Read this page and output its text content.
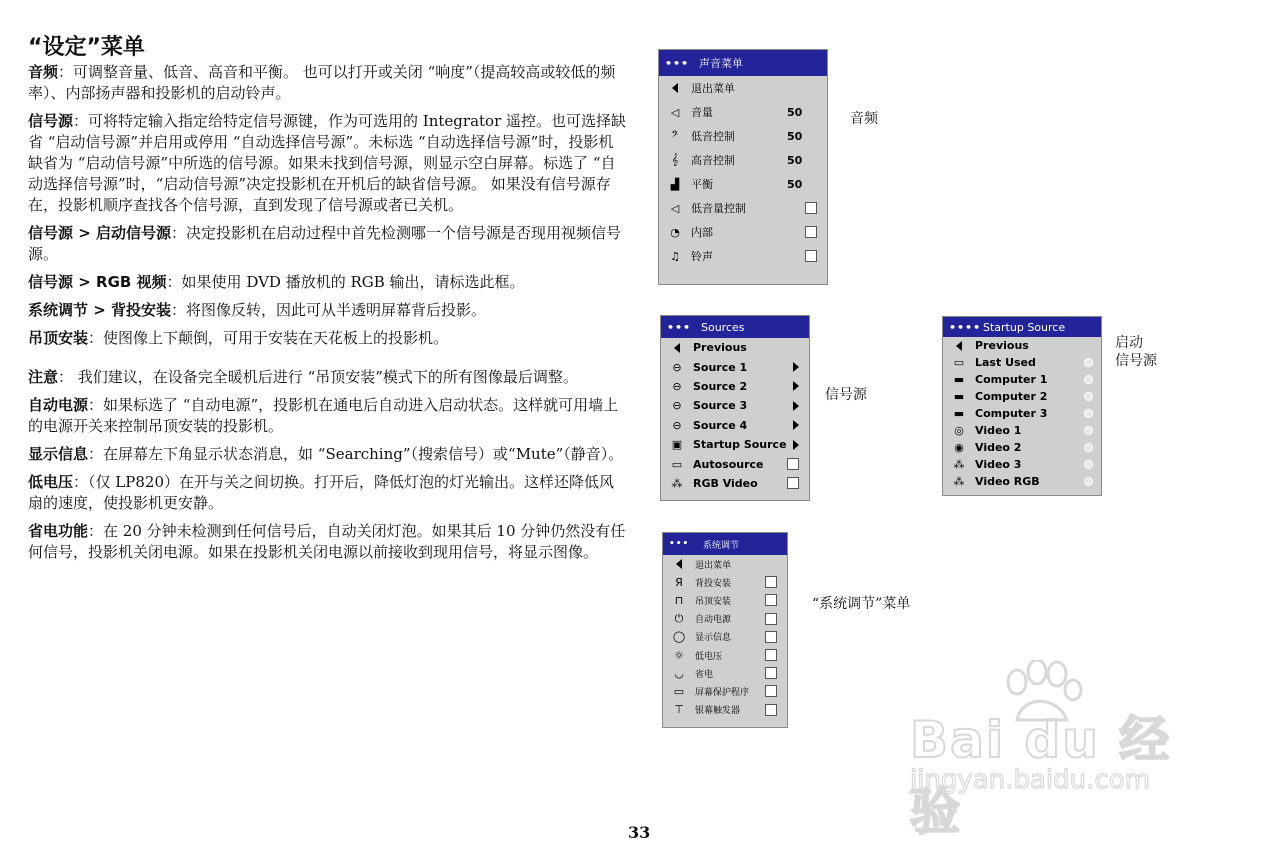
“设定”菜单

音频：可调整音量、低音、高音和平衡。 也可以打开或关闭 “响度”（提高较高或较低的频率）、内部扬声器和投影机的启动铃声。

信号源：可将特定输入指定给特定信号源键，作为可选用的 Integrator 遥控。也可选择缺省 “启动信号源”并启用或停用 “自动选择信号源”。未标选 “自动选择信号源”时，投影机缺省为 “启动信号源”中所选的信号源。如果未找到信号源，则显示空白屏幕。标选了 “自动选择信号源”时，“启动信号源”决定投影机在开机后的缺省信号源。 如果没有信号源存在，投影机顺序查找各个信号源，直到发现了信号源或者已关机。

信号源 > 启动信号源：决定投影机在启动过程中首先检测哪一个信号源是否现用视频信号源。

信号源 > RGB 视频：如果使用 DVD 播放机的 RGB 输出，请标选此框。

系统调节 > 背投安装：将图像反转，因此可从半透明屏幕背后投影。

吊顶安装：使图像上下颠倒，可用于安装在天花板上的投影机。

注意： 我们建议，在设备完全暖机后进行 “吊顶安装”模式下的所有图像最后调整。

自动电源：如果标选了 “自动电源”，投影机在通电后自动进入启动状态。这样就可用墙上的电源开关来控制吊顶安装的投影机。

显示信息：在屏幕左下角显示状态消息，如 “Searching”（搜索信号）或“Mute”（静音）。

低电压：（仅 LP820）在开与关之间切换。打开后，降低灯泡的灯光输出。这样还降低风扇的速度，使投影机更安静。

省电功能：在 20 分钟未检测到任何信号后，自动关闭灯泡。如果其后 10 分钟仍然没有任何信号，投影机关闭电源。如果在投影机关闭电源以前接收到现用信号，将显示图像。

••• 声音菜单
退出菜单
◁	音量	50
𝄢	低音控制	50
𝄞	高音控制	50
▟	平衡	50
◁	低音量控制
◔	内部
♫	铃声
音频
••• Sources
Previous
⊖	Source 1
⊖	Source 2
⊖	Source 3
⊖	Source 4
▣ Startup Source
▭ Autosource
⁂ RGB Video
信号源
•••• Startup Source
Previous
▭ Last Used
▬ Computer 1
▬ Computer 2
▬ Computer 3
◎	Video 1
◉	Video 2
⁂ Video 3
⁂ Video RGB
启动
信号源
•••	系统调节
退出菜单
Я	背投安装
⊓	吊顶安装
⏻	自动电源
◯	显示信息
☼	低电压
◡	省电
▭	屏幕保护程序
⊤	银幕触发器
“系统调节”菜单
Bai du 经验
jingyan.baidu.com
33
